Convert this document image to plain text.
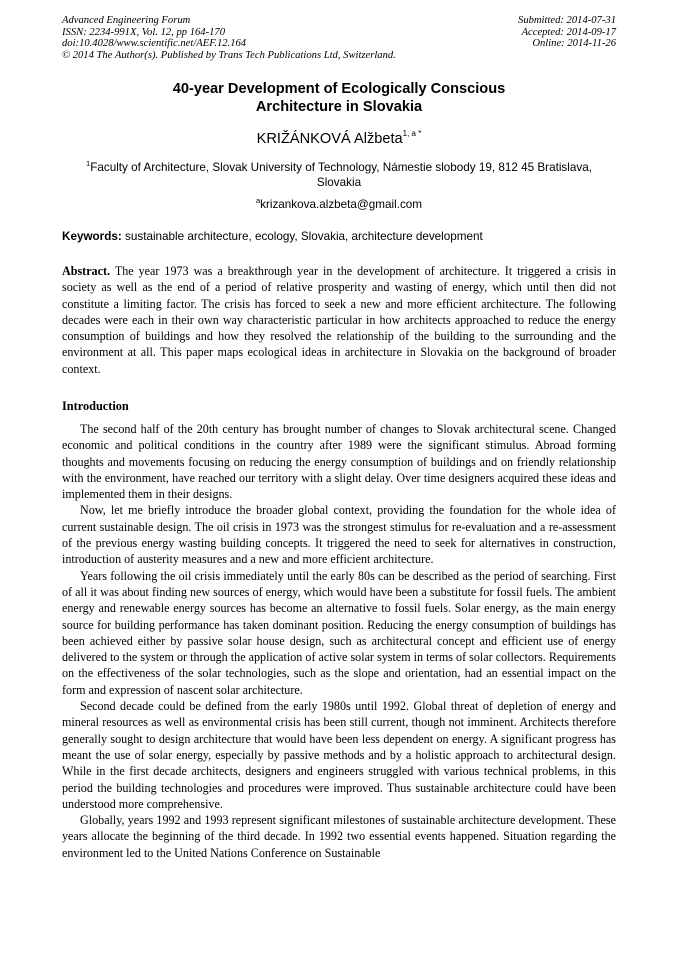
Advanced Engineering Forum
ISSN: 2234-991X, Vol. 12, pp 164-170
doi:10.4028/www.scientific.net/AEF.12.164
© 2014 The Author(s). Published by Trans Tech Publications Ltd, Switzerland.
Submitted: 2014-07-31
Accepted: 2014-09-17
Online: 2014-11-26
40-year Development of Ecologically Conscious
Architecture in Slovakia
KRIŽÁNKOVÁ Alžbeta$^{1, a *}$
$^1$Faculty of Architecture, Slovak University of Technology, Námestie slobody 19, 812 45 Bratislava,
Slovakia
$^a$krizankova.alzbeta@gmail.com
Keywords: sustainable architecture, ecology, Slovakia, architecture development
Abstract. The year 1973 was a breakthrough year in the development of architecture. It triggered a crisis in society as well as the end of a period of relative prosperity and wasting of energy, which until then did not constitute a limiting factor. The crisis has forced to seek a new and more efficient architecture. The following decades were each in their own way characteristic particular in how architects approached to reduce the energy consumption of buildings and how they resolved the relationship of the building to the surrounding and the environment at all. This paper maps ecological ideas in architecture in Slovakia on the background of broader context.
Introduction

The second half of the 20th century has brought number of changes to Slovak architectural scene. Changed economic and political conditions in the country after 1989 were the significant stimulus. Abroad forming thoughts and movements focusing on reducing the energy consumption of buildings and on friendly relationship with the environment, have reached our territory with a slight delay. Over time designers acquired these ideas and implemented them in their designs.

Now, let me briefly introduce the broader global context, providing the foundation for the whole idea of current sustainable design. The oil crisis in 1973 was the strongest stimulus for re-evaluation and a re-assessment of the previous energy wasting building concepts. It triggered the need to seek for alternatives in construction, introduction of austerity measures and a new and more efficient architecture.

Years following the oil crisis immediately until the early 80s can be described as the period of searching. First of all it was about finding new sources of energy, which would have been a substitute for fossil fuels. The ambient energy and renewable energy sources has become an alternative to fossil fuels. Solar energy, as the main energy source for building performance has taken dominant position. Reducing the energy consumption of buildings has been achieved either by passive solar house design, such as architectural concept and efficient use of energy delivered to the system or through the application of active solar system in terms of solar collectors. Requirements on the effectiveness of the solar technologies, such as the slope and orientation, had an essential impact on the form and expression of nascent solar architecture.

Second decade could be defined from the early 1980s until 1992. Global threat of depletion of energy and mineral resources as well as environmental crisis has been still current, though not imminent. Architects therefore generally sought to design architecture that would have been less dependent on energy. A significant progress has meant the use of solar energy, especially by passive methods and by a holistic approach to architectural design. While in the first decade architects, designers and engineers struggled with various technical problems, in this period the building technologies and procedures were improved. Thus sustainable architecture could have been understood more comprehensive.

Globally, years 1992 and 1993 represent significant milestones of sustainable architecture development. These years allocate the beginning of the third decade. In 1992 two essential events happened. Situation regarding the environment led to the United Nations Conference on Sustainable
